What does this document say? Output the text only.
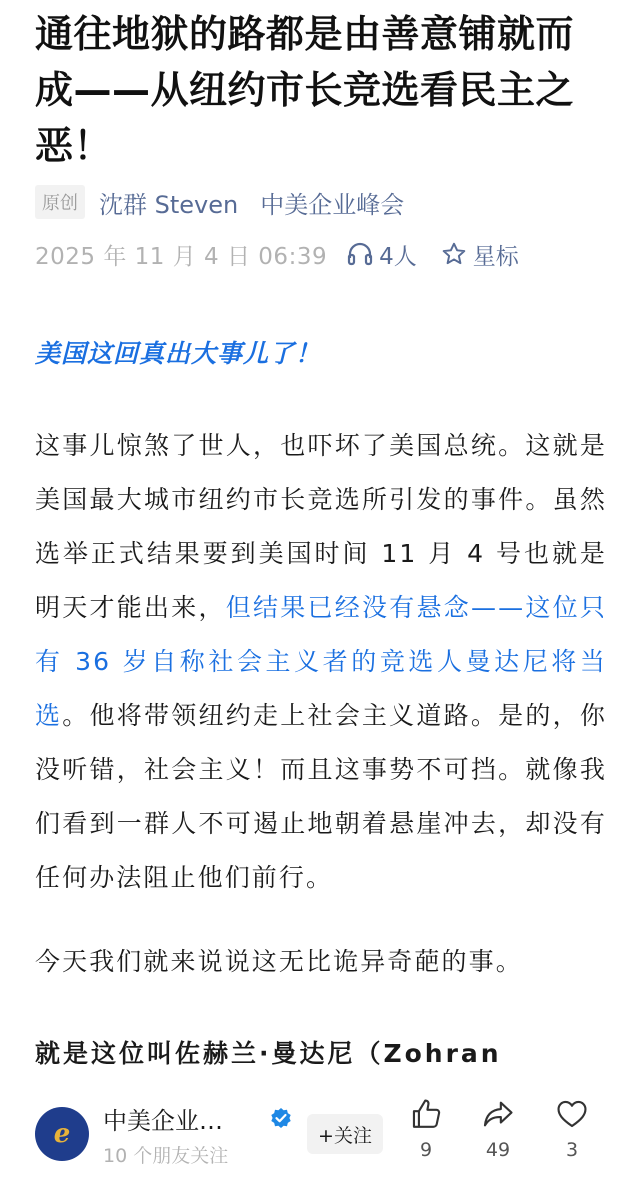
通往地狱的路都是由善意铺就而成——从纽约市长竞选看民主之恶！
原创 沈群 Steven 中美企业峰会
2025 年 11 月 4 日 06:39 4人 星标
美国这回真出大事儿了！

这事儿惊煞了世人，也吓坏了美国总统。这就是美国最大城市纽约市长竞选所引发的事件。虽然选举正式结果要到美国时间 11 月 4 号也就是明天才能出来，但结果已经没有悬念——这位只有 36 岁自称社会主义者的竞选人曼达尼将当选。他将带领纽约走上社会主义道路。是的，你没听错，社会主义！而且这事势不可挡。就像我们看到一群人不可遏止地朝着悬崖冲去，却没有任何办法阻止他们前行。

今天我们就来说说这无比诡异奇葩的事。

就是这位叫佐赫兰·曼达尼（Zohran

e 中美企业…
10 个朋友关注
+关注
9	49	3
